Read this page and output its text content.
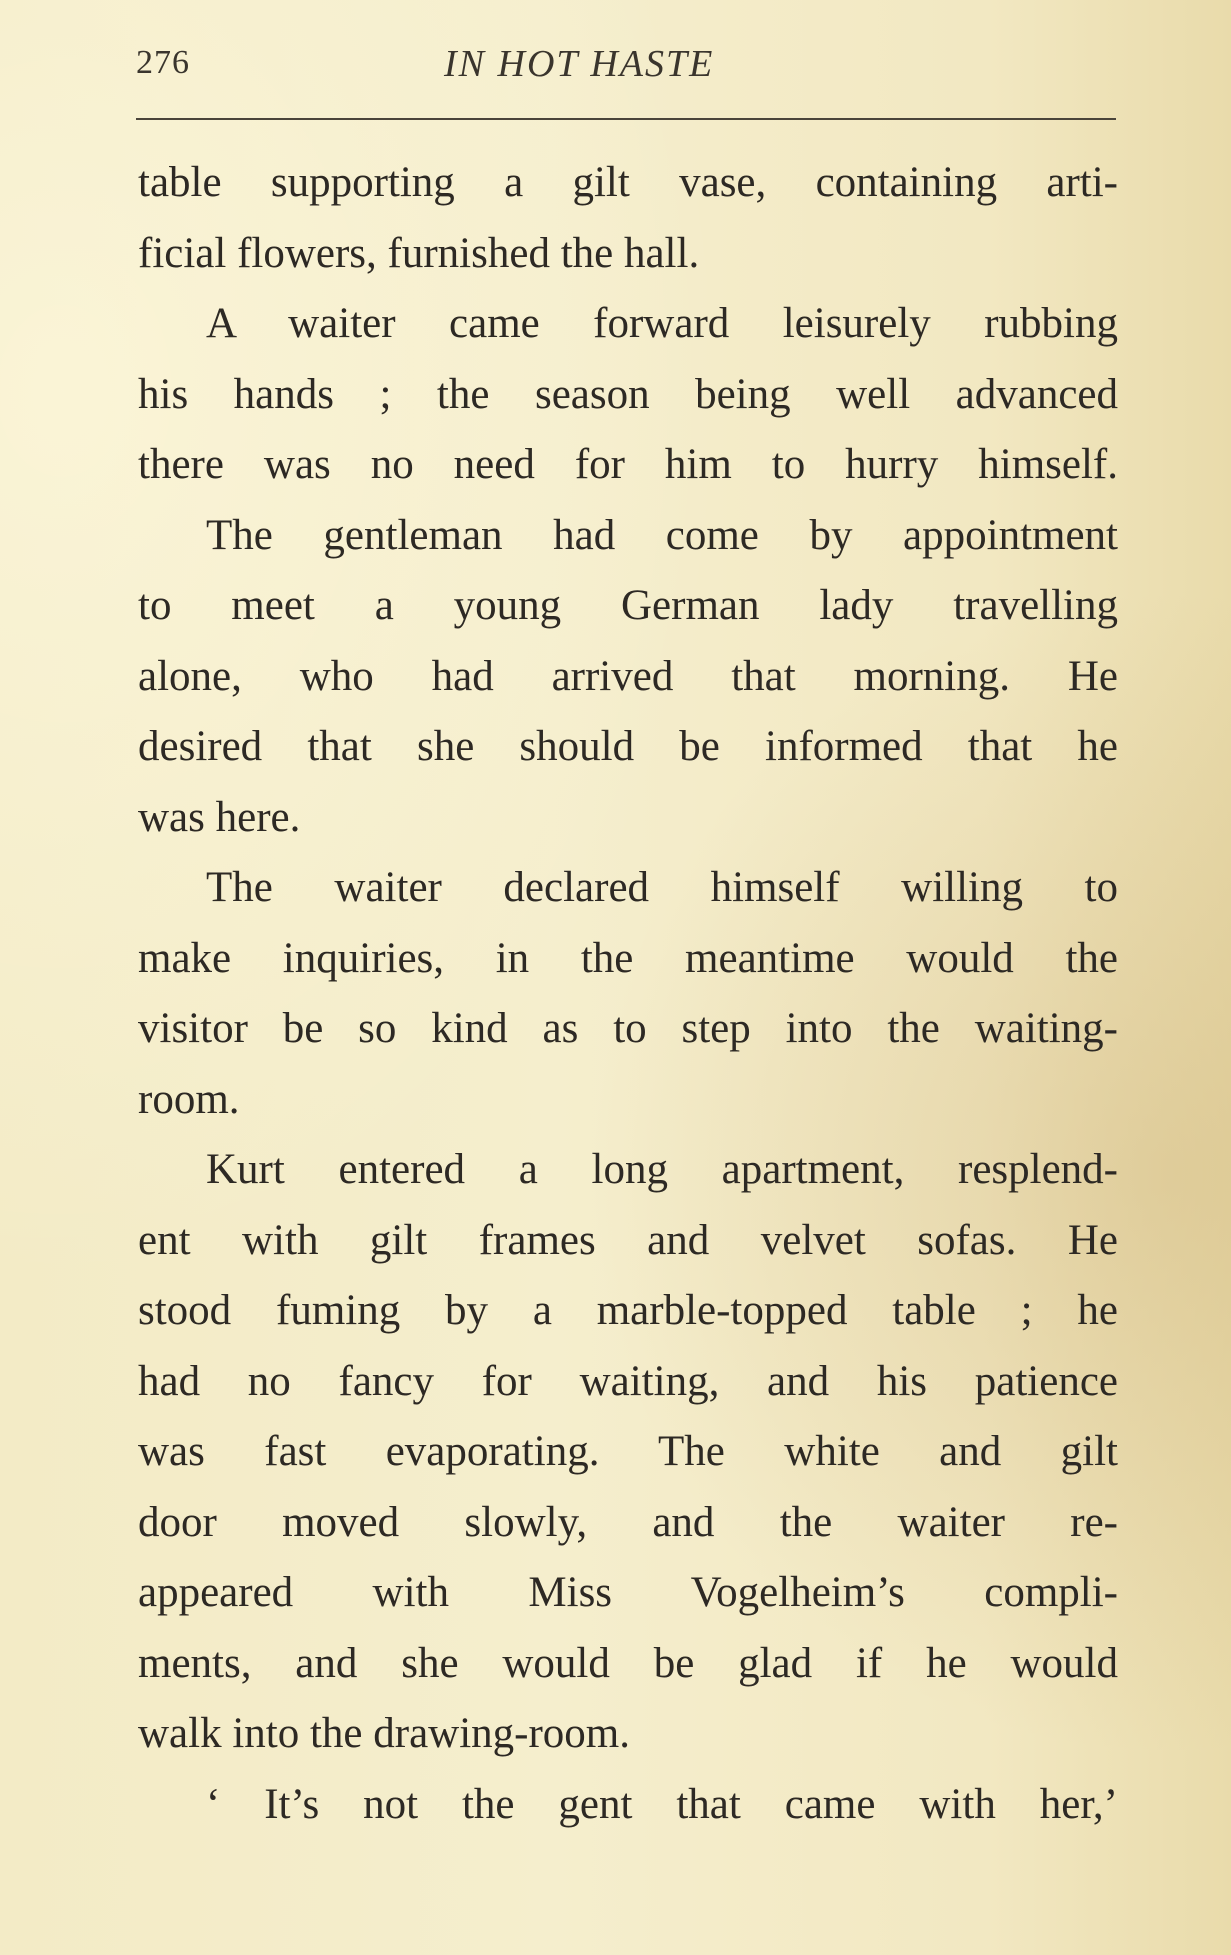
276	IN HOT HASTE
table supporting a gilt vase, containing arti-
ficial flowers, furnished the hall.
A waiter came forward leisurely rubbing
his hands ; the season being well advanced
there was no need for him to hurry himself.
The gentleman had come by appointment
to meet a young German lady travelling
alone, who had arrived that morning. He
desired that she should be informed that he
was here.
The waiter declared himself willing to
make inquiries, in the meantime would the
visitor be so kind as to step into the waiting-
room.
Kurt entered a long apartment, resplend-
ent with gilt frames and velvet sofas. He
stood fuming by a marble-topped table ; he
had no fancy for waiting, and his patience
was fast evaporating. The white and gilt
door moved slowly, and the waiter re-
appeared with Miss Vogelheim’s compli-
ments, and she would be glad if he would
walk into the drawing-room.
‘ It’s not the gent that came with her,’
